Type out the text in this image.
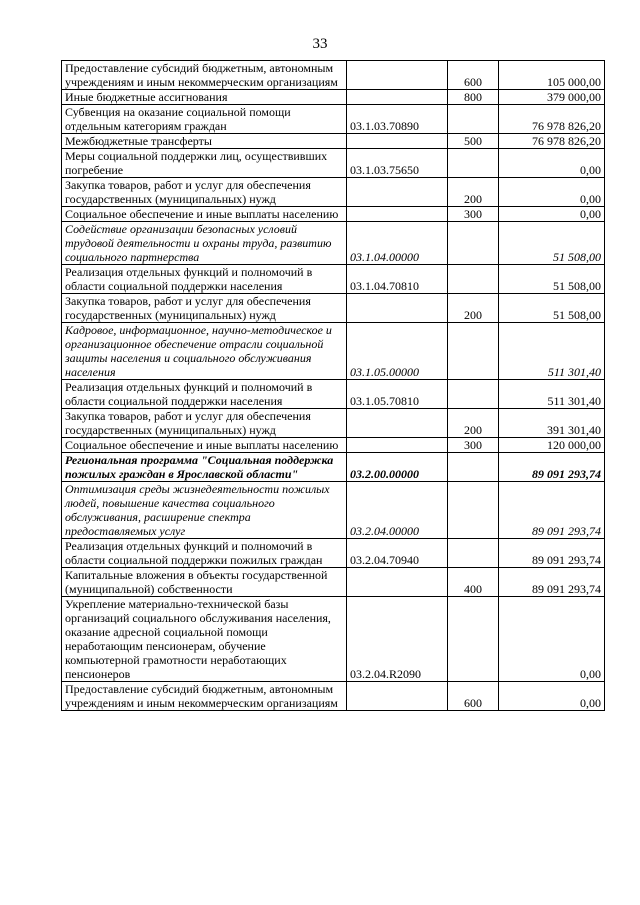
33
Предоставление субсидий бюджетным, автономным учреждениям и иным некоммерческим организациям		600	105 000,00
Иные бюджетные ассигнования		800	379 000,00
Субвенция на оказание социальной помощи отдельным категориям граждан	03.1.03.70890		76 978 826,20
Межбюджетные трансферты		500	76 978 826,20
Меры социальной поддержки лиц, осуществивших погребение	03.1.03.75650		0,00
Закупка товаров, работ и услуг для обеспечения государственных (муниципальных) нужд		200	0,00
Социальное обеспечение и иные выплаты населению		300	0,00
Содействие организации безопасных условий трудовой деятельности и охраны труда, развитию социального партнерства	03.1.04.00000		51 508,00
Реализация отдельных функций и полномочий в области социальной поддержки населения	03.1.04.70810		51 508,00
Закупка товаров, работ и услуг для обеспечения государственных (муниципальных) нужд		200	51 508,00
Кадровое, информационное, научно-методическое и организационное обеспечение отрасли социальной защиты населения и социального обслуживания населения	03.1.05.00000		511 301,40
Реализация отдельных функций и полномочий в области социальной поддержки населения	03.1.05.70810		511 301,40
Закупка товаров, работ и услуг для обеспечения государственных (муниципальных) нужд		200	391 301,40
Социальное обеспечение и иные выплаты населению		300	120 000,00
Региональная программа "Социальная поддержка пожилых граждан в Ярославской области"	03.2.00.00000		89 091 293,74
Оптимизация среды жизнедеятельности пожилых людей, повышение качества социального обслуживания, расширение спектра предоставляемых услуг	03.2.04.00000		89 091 293,74
Реализация отдельных функций и полномочий в области социальной поддержки пожилых граждан	03.2.04.70940		89 091 293,74
Капитальные вложения в объекты государственной (муниципальной) собственности		400	89 091 293,74
Укрепление материально-технической базы организаций социального обслуживания населения, оказание адресной социальной помощи неработающим пенсионерам, обучение компьютерной грамотности неработающих пенсионеров	03.2.04.R2090		0,00
Предоставление субсидий бюджетным, автономным учреждениям и иным некоммерческим организациям		600	0,00
